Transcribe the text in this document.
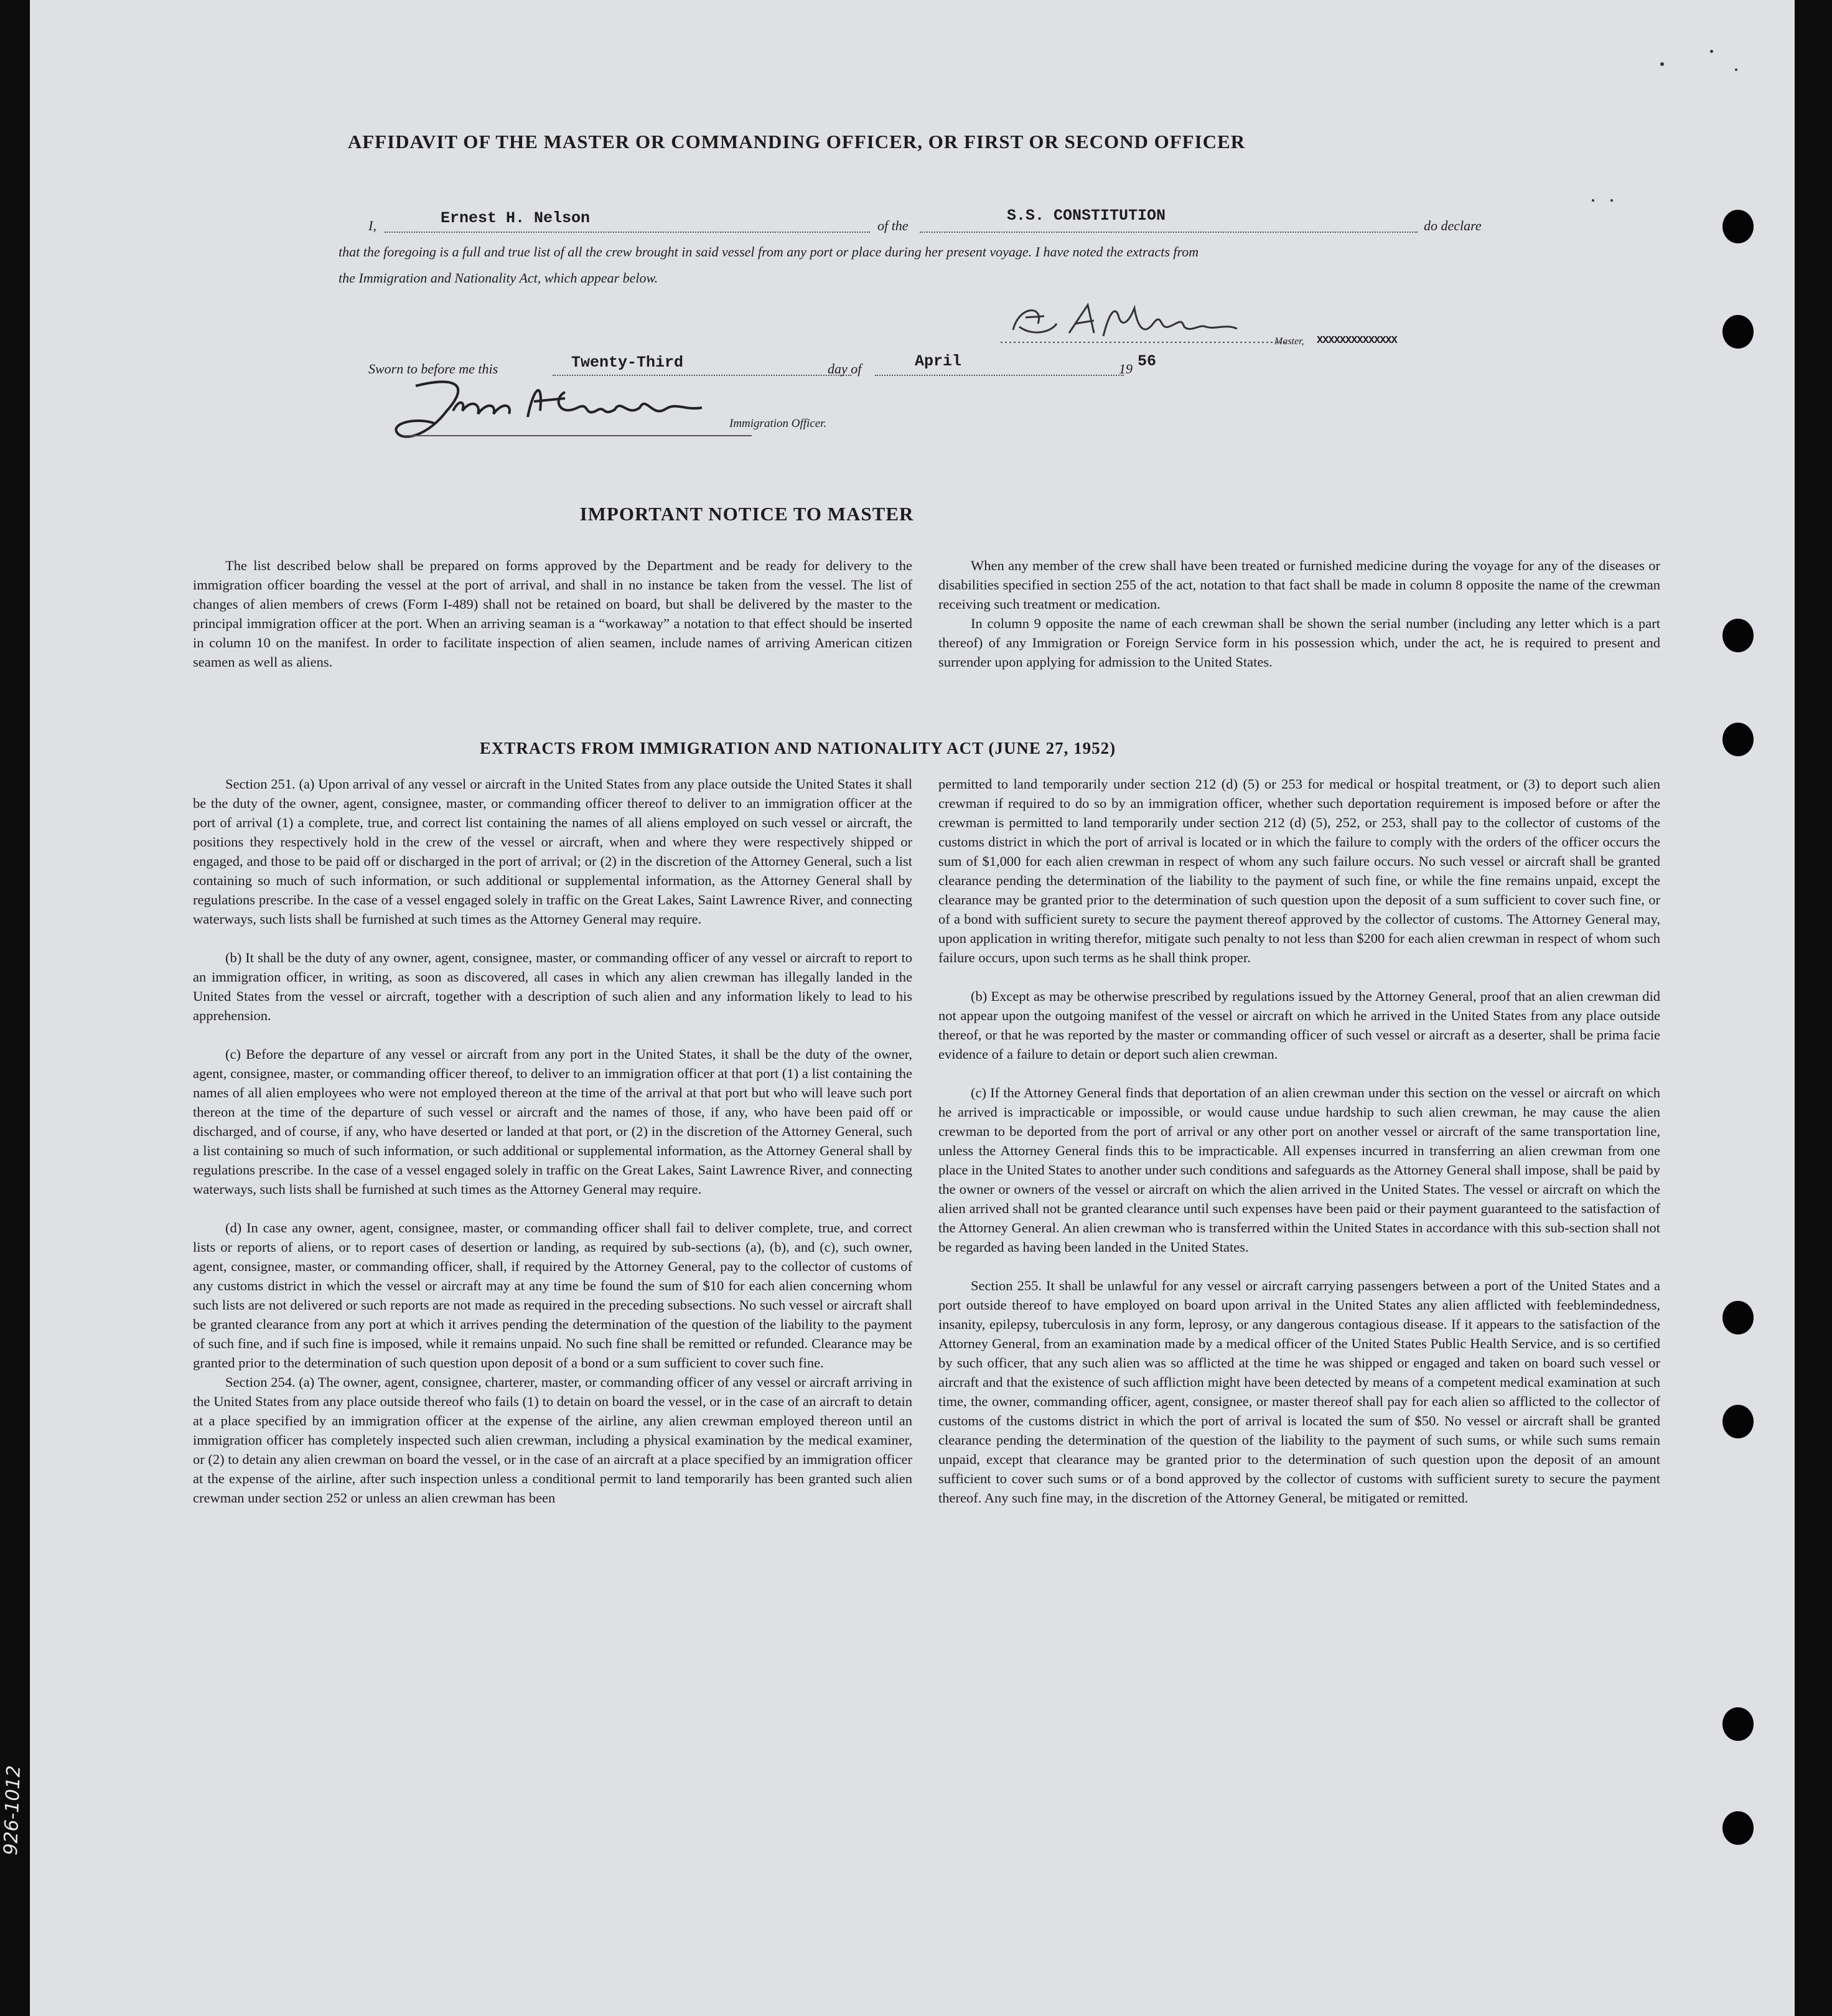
AFFIDAVIT OF THE MASTER OR COMMANDING OFFICER, OR FIRST OR SECOND OFFICER
I,	Ernest H. Nelson	of the
S.S. CONSTITUTION
do declare
that the foregoing is a full and true list of all the crew brought in said vessel from any port or place during her present voyage. I have noted the extracts from
the Immigration and Nationality Act, which appear below.
Master, XXXXXXXXXXXXXX
Sworn to before me this	Twenty-Third	day of	April	19 56
Immigration Officer.
IMPORTANT NOTICE TO MASTER

The list described below shall be prepared on forms approved by the Department and be ready for delivery to the immigration officer boarding the vessel at the port of arrival, and shall in no instance be taken from the vessel. The list of changes of alien members of crews (Form I-489) shall not be retained on board, but shall be delivered by the master to the principal immigration officer at the port. When an arriving seaman is a “workaway” a notation to that effect should be inserted in column 10 on the manifest. In order to facilitate inspection of alien seamen, include names of arriving American citizen seamen as well as aliens.

When any member of the crew shall have been treated or furnished medicine during the voyage for any of the diseases or disabilities specified in section 255 of the act, notation to that fact shall be made in column 8 opposite the name of the crewman receiving such treatment or medication.

In column 9 opposite the name of each crewman shall be shown the serial number (including any letter which is a part thereof) of any Immigration or Foreign Service form in his possession which, under the act, he is required to present and surrender upon applying for admission to the United States.

EXTRACTS FROM IMMIGRATION AND NATIONALITY ACT (JUNE 27, 1952)

Section 251. (a) Upon arrival of any vessel or aircraft in the United States from any place outside the United States it shall be the duty of the owner, agent, consignee, master, or commanding officer thereof to deliver to an immigration officer at the port of arrival (1) a complete, true, and correct list containing the names of all aliens employed on such vessel or aircraft, the positions they respectively hold in the crew of the vessel or aircraft, when and where they were respectively shipped or engaged, and those to be paid off or discharged in the port of arrival; or (2) in the discretion of the Attorney General, such a list containing so much of such information, or such additional or supplemental information, as the Attorney General shall by regulations prescribe. In the case of a vessel engaged solely in traffic on the Great Lakes, Saint Lawrence River, and connecting waterways, such lists shall be furnished at such times as the Attorney General may require.

(b) It shall be the duty of any owner, agent, consignee, master, or commanding officer of any vessel or aircraft to report to an immigration officer, in writing, as soon as discovered, all cases in which any alien crewman has illegally landed in the United States from the vessel or aircraft, together with a description of such alien and any information likely to lead to his apprehension.

(c) Before the departure of any vessel or aircraft from any port in the United States, it shall be the duty of the owner, agent, consignee, master, or commanding officer thereof, to deliver to an immigration officer at that port (1) a list containing the names of all alien employees who were not employed thereon at the time of the arrival at that port but who will leave such port thereon at the time of the departure of such vessel or aircraft and the names of those, if any, who have been paid off or discharged, and of course, if any, who have deserted or landed at that port, or (2) in the discretion of the Attorney General, such a list containing so much of such information, or such additional or supplemental information, as the Attorney General shall by regulations prescribe. In the case of a vessel engaged solely in traffic on the Great Lakes, Saint Lawrence River, and connecting waterways, such lists shall be furnished at such times as the Attorney General may require.

(d) In case any owner, agent, consignee, master, or commanding officer shall fail to deliver complete, true, and correct lists or reports of aliens, or to report cases of desertion or landing, as required by sub-sections (a), (b), and (c), such owner, agent, consignee, master, or commanding officer, shall, if required by the Attorney General, pay to the collector of customs of any customs district in which the vessel or aircraft may at any time be found the sum of $10 for each alien concerning whom such lists are not delivered or such reports are not made as required in the preceding subsections. No such vessel or aircraft shall be granted clearance from any port at which it arrives pending the determination of the question of the liability to the payment of such fine, and if such fine is imposed, while it remains unpaid. No such fine shall be remitted or refunded. Clearance may be granted prior to the determination of such question upon deposit of a bond or a sum sufficient to cover such fine.

Section 254. (a) The owner, agent, consignee, charterer, master, or commanding officer of any vessel or aircraft arriving in the United States from any place outside thereof who fails (1) to detain on board the vessel, or in the case of an aircraft to detain at a place specified by an immigration officer at the expense of the airline, any alien crewman employed thereon until an immigration officer has completely inspected such alien crewman, including a physical examination by the medical examiner, or (2) to detain any alien crewman on board the vessel, or in the case of an aircraft at a place specified by an immigration officer at the expense of the airline, after such inspection unless a conditional permit to land temporarily has been granted such alien crewman under section 252 or unless an alien crewman has been

permitted to land temporarily under section 212 (d) (5) or 253 for medical or hospital treatment, or (3) to deport such alien crewman if required to do so by an immigration officer, whether such deportation requirement is imposed before or after the crewman is permitted to land temporarily under section 212 (d) (5), 252, or 253, shall pay to the collector of customs of the customs district in which the port of arrival is located or in which the failure to comply with the orders of the officer occurs the sum of $1,000 for each alien crewman in respect of whom any such failure occurs. No such vessel or aircraft shall be granted clearance pending the determination of the liability to the payment of such fine, or while the fine remains unpaid, except the clearance may be granted prior to the determination of such question upon the deposit of a sum sufficient to cover such fine, or of a bond with sufficient surety to secure the payment thereof approved by the collector of customs. The Attorney General may, upon application in writing therefor, mitigate such penalty to not less than $200 for each alien crewman in respect of whom such failure occurs, upon such terms as he shall think proper.

(b) Except as may be otherwise prescribed by regulations issued by the Attorney General, proof that an alien crewman did not appear upon the outgoing manifest of the vessel or aircraft on which he arrived in the United States from any place outside thereof, or that he was reported by the master or commanding officer of such vessel or aircraft as a deserter, shall be prima facie evidence of a failure to detain or deport such alien crewman.

(c) If the Attorney General finds that deportation of an alien crewman under this section on the vessel or aircraft on which he arrived is impracticable or impossible, or would cause undue hardship to such alien crewman, he may cause the alien crewman to be deported from the port of arrival or any other port on another vessel or aircraft of the same transportation line, unless the Attorney General finds this to be impracticable. All expenses incurred in transferring an alien crewman from one place in the United States to another under such conditions and safeguards as the Attorney General shall impose, shall be paid by the owner or owners of the vessel or aircraft on which the alien arrived in the United States. The vessel or aircraft on which the alien arrived shall not be granted clearance until such expenses have been paid or their payment guaranteed to the satisfaction of the Attorney General. An alien crewman who is transferred within the United States in accordance with this sub-section shall not be regarded as having been landed in the United States.

Section 255. It shall be unlawful for any vessel or aircraft carrying passengers between a port of the United States and a port outside thereof to have employed on board upon arrival in the United States any alien afflicted with feeblemindedness, insanity, epilepsy, tuberculosis in any form, leprosy, or any dangerous contagious disease. If it appears to the satisfaction of the Attorney General, from an examination made by a medical officer of the United States Public Health Service, and is so certified by such officer, that any such alien was so afflicted at the time he was shipped or engaged and taken on board such vessel or aircraft and that the existence of such affliction might have been detected by means of a competent medical examination at such time, the owner, commanding officer, agent, consignee, or master thereof shall pay for each alien so afflicted to the collector of customs of the customs district in which the port of arrival is located the sum of $50. No vessel or aircraft shall be granted clearance pending the determination of the question of the liability to the payment of such sums, or while such sums remain unpaid, except that clearance may be granted prior to the determination of such question upon the deposit of an amount sufficient to cover such sums or of a bond approved by the collector of customs with sufficient surety to secure the payment thereof. Any such fine may, in the discretion of the Attorney General, be mitigated or remitted.

926-1012
